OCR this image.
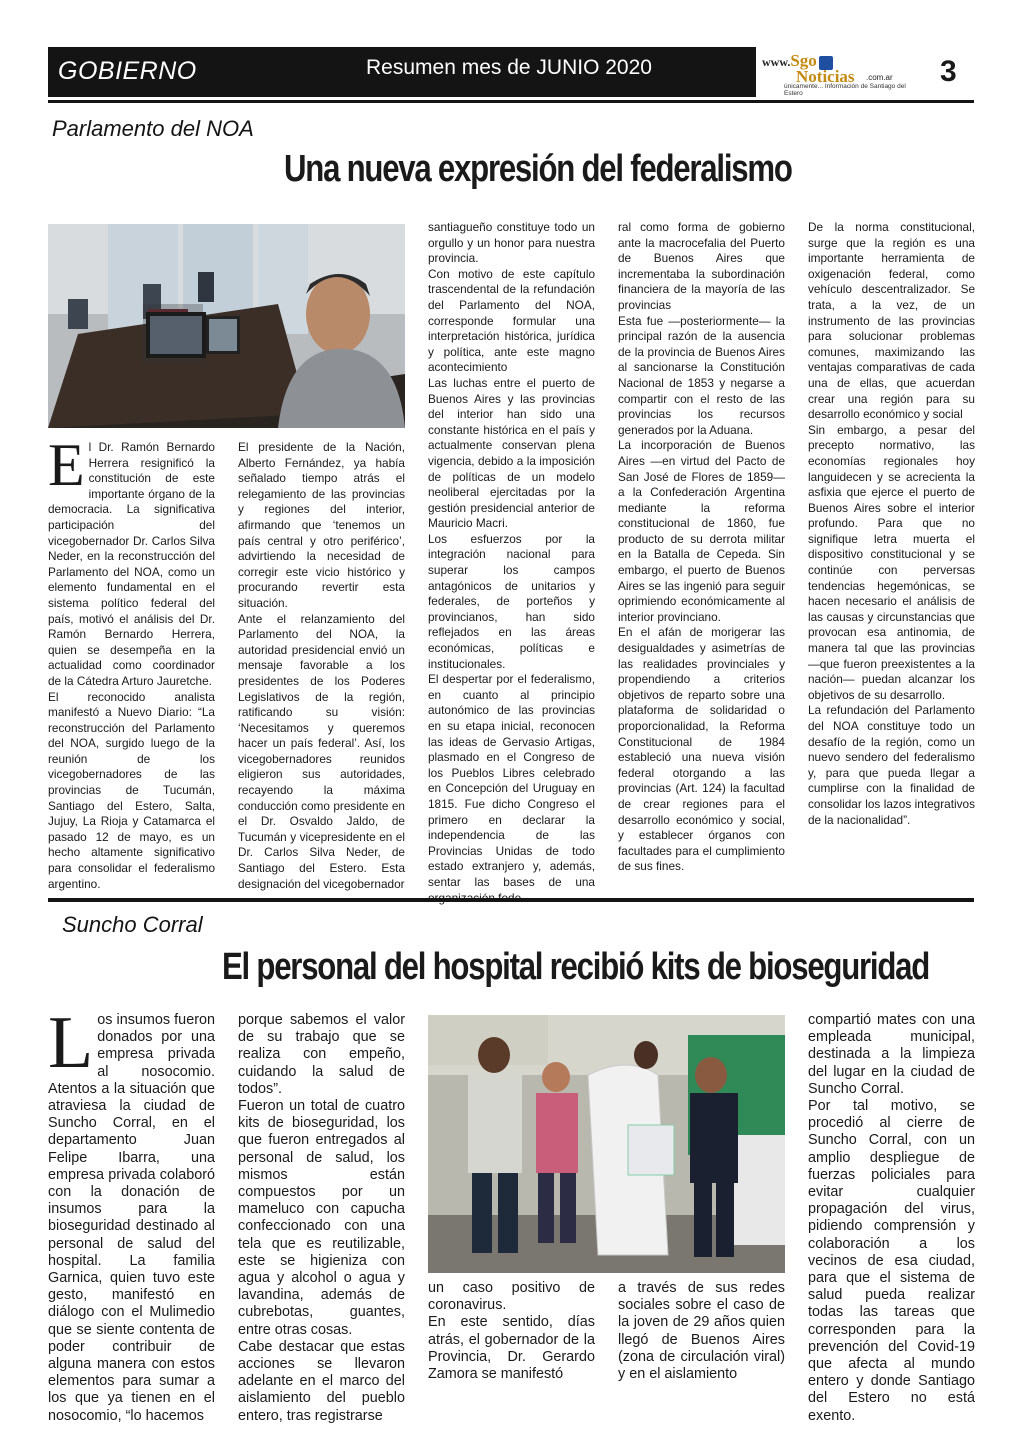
GOBIERNO	Resumen mes de JUNIO 2020	www.Sgo
Noticias .com.ar
únicamente... Información de Santiago del Estero
3
Parlamento del NOA
Una nueva expresión del federalismo
E l Dr. Ramón Bernardo Herrera resignificó la constitución de este importante órgano de la democracia. La significativa participación del vicegobernador Dr. Carlos Silva Neder, en la reconstrucción del Parlamento del NOA, como un elemento fundamental en el sistema político federal del país, motivó el análisis del Dr. Ramón Bernardo Herrera, quien se desempeña en la actualidad como coordinador de la Cátedra Arturo Jauretche.

El reconocido analista manifestó a Nuevo Diario: “La reconstrucción del Parlamento del NOA, surgido luego de la reunión de los vicegobernadores de las provincias de Tucumán, Santiago del Estero, Salta, Jujuy, La Rioja y Catamarca el pasado 12 de mayo, es un hecho altamente significativo para consolidar el federalismo argentino.

El presidente de la Nación, Alberto Fernández, ya había señalado tiempo atrás el relegamiento de las provincias y regiones del interior, afirmando que ‘tenemos un país central y otro periférico’, advirtiendo la necesidad de corregir este vicio histórico y procurando revertir esta situación.

Ante el relanzamiento del Parlamento del NOA, la autoridad presidencial envió un mensaje favorable a los presidentes de los Poderes Legislativos de la región, ratificando su visión: ‘Necesitamos y queremos hacer un país federal’. Así, los vicegobernadores reunidos eligieron sus autoridades, recayendo la máxima conducción como presidente en el Dr. Osvaldo Jaldo, de Tucumán y vicepresidente en el Dr. Carlos Silva Neder, de Santiago del Estero. Esta designación del vicegobernador

santiagueño constituye todo un orgullo y un honor para nuestra provincia.

Con motivo de este capítulo trascendental de la refundación del Parlamento del NOA, corresponde formular una interpretación histórica, jurídica y política, ante este magno acontecimiento

Las luchas entre el puerto de Buenos Aires y las provincias del interior han sido una constante histórica en el país y actualmente conservan plena vigencia, debido a la imposición de políticas de un modelo neoliberal ejercitadas por la gestión presidencial anterior de Mauricio Macri.

Los esfuerzos por la integración nacional para superar los campos antagónicos de unitarios y federales, de porteños y provincianos, han sido reflejados en las áreas económicas, políticas e institucionales.

El despertar por el federalismo, en cuanto al principio autonómico de las provincias en su etapa inicial, reconocen las ideas de Gervasio Artigas, plasmado en el Congreso de los Pueblos Libres celebrado en Concepción del Uruguay en 1815. Fue dicho Congreso el primero en declarar la independencia de las Provincias Unidas de todo estado extranjero y, además, sentar las bases de una

ral como forma de gobierno ante la macrocefalia del Puerto de Buenos Aires que incrementaba la subordinación financiera de la mayoría de las provincias

Esta fue —posteriormente— la principal razón de la ausencia de la provincia de Buenos Aires al sancionarse la Constitución Nacional de 1853 y negarse a compartir con el resto de las provincias los recursos generados por la Aduana.

La incorporación de Buenos Aires —en virtud del Pacto de San José de Flores de 1859— a la Confederación Argentina mediante la reforma constitucional de 1860, fue producto de su derrota militar en la Batalla de Cepeda. Sin embargo, el puerto de Buenos Aires se las ingenió para seguir oprimiendo económicamente al interior provinciano.

En el afán de morigerar las desigualdades y asimetrías de las realidades provinciales y propendiendo a criterios objetivos de reparto sobre una plataforma de solidaridad o proporcionalidad, la Reforma Constitucional de 1984 estableció una nueva visión federal otorgando a las provincias (Art. 124) la facultad de crear regiones para el desarrollo económico y social, y establecer órganos con facultades para el cumplimiento de sus fines.

De la norma constitucional, surge que la región es una importante herramienta de oxigenación federal, como vehículo descentralizador. Se trata, a la vez, de un instrumento de las provincias para solucionar problemas comunes, maximizando las ventajas comparativas de cada una de ellas, que acuerdan crear una región para su desarrollo económico y social

Sin embargo, a pesar del precepto normativo, las economías regionales hoy languidecen y se acrecienta la asfixia que ejerce el puerto de Buenos Aires sobre el interior profundo. Para que no signifique letra muerta el dispositivo constitucional y se continúe con perversas tendencias hegemónicas, se hacen necesario el análisis de las causas y circunstancias que provocan esa antinomia, de manera tal que las provincias —que fueron preexistentes a la nación— puedan alcanzar los objetivos de su desarrollo.

La refundación del Parlamento del NOA constituye todo un desafío de la región, como un nuevo sendero del federalismo y, para que pueda llegar a cumplirse con la finalidad de consolidar los lazos integrativos de la nacionalidad”.

Suncho Corral
El personal del hospital recibió kits de bioseguridad
L os insumos fueron donados por una empresa privada al nosocomio. Atentos a la situación que atraviesa la ciudad de Suncho Corral, en el departamento Juan Felipe Ibarra, una empresa privada colaboró con la donación de insumos para la bioseguridad destinado al personal de salud del hospital. La familia Garnica, quien tuvo este gesto, manifestó en diálogo con el Mulimedio que se siente contenta de poder contribuir de alguna manera con estos elementos para sumar a los que ya tienen en el nosocomio, “lo hacemos

porque sabemos el valor de su trabajo que se realiza con empeño, cuidando la salud de todos”.

Fueron un total de cuatro kits de bioseguridad, los que fueron entregados al personal de salud, los mismos están compuestos por un mameluco con capucha confeccionado con una tela que es reutilizable, este se higieniza con agua y alcohol o agua y lavandina, además de cubrebotas, guantes, entre otras cosas.

Cabe destacar que estas acciones se llevaron adelante en el marco del aislamiento del pueblo entero, tras registrarse

un caso positivo de coronavirus.

En este sentido, días atrás, el gobernador de la Provincia, Dr. Gerardo Zamora se manifestó

a través de sus redes sociales sobre el caso de la joven de 29 años quien llegó de Buenos Aires (zona de circulación viral) y en el aislamiento

compartió mates con una empleada municipal, destinada a la limpieza del lugar en la ciudad de Suncho Corral.

Por tal motivo, se procedió al cierre de Suncho Corral, con un amplio despliegue de fuerzas policiales para evitar cualquier propagación del virus, pidiendo comprensión y colaboración a los vecinos de esa ciudad, para que el sistema de salud pueda realizar todas las tareas que corresponden para la prevención del Covid-19 que afecta al mundo entero y donde Santiago del Estero no está exento.
